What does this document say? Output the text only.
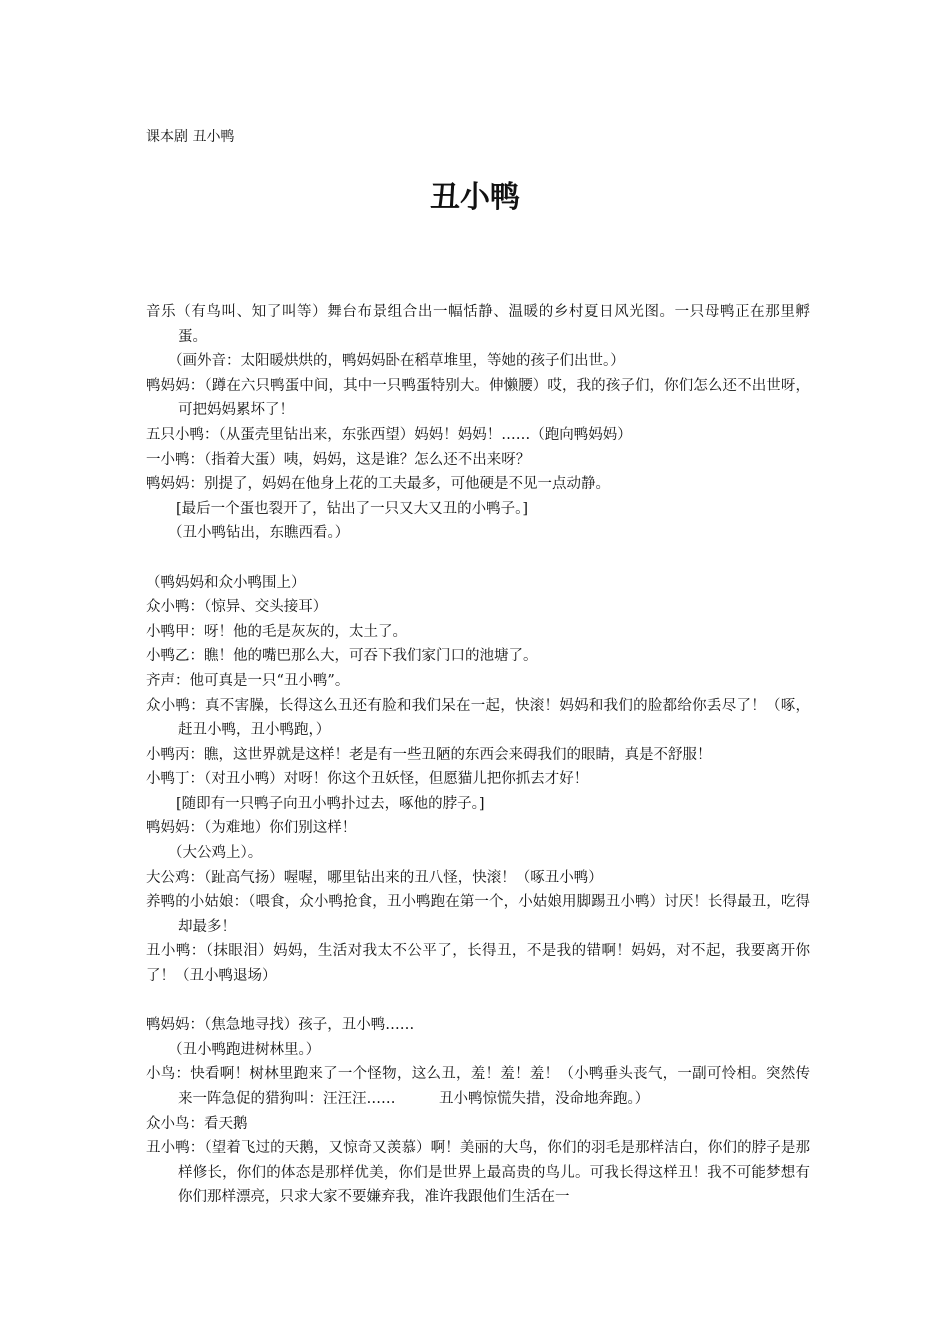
课本剧 丑小鸭
丑小鸭

音乐（有鸟叫、知了叫等）舞台布景组合出一幅恬静、温暖的乡村夏日风光图。一只母鸭正在那里孵蛋。

（画外音：太阳暖烘烘的，鸭妈妈卧在稻草堆里，等她的孩子们出世。）

鸭妈妈：（蹲在六只鸭蛋中间，其中一只鸭蛋特别大。伸懒腰）哎，我的孩子们，你们怎么还不出世呀，可把妈妈累坏了！

五只小鸭：（从蛋壳里钻出来，东张西望）妈妈！妈妈！……（跑向鸭妈妈）

一小鸭：（指着大蛋）咦，妈妈，这是谁？怎么还不出来呀？

鸭妈妈：别提了，妈妈在他身上花的工夫最多，可他硬是不见一点动静。

[最后一个蛋也裂开了，钻出了一只又大又丑的小鸭子。]

（丑小鸭钻出，东瞧西看。）

（鸭妈妈和众小鸭围上）

众小鸭：（惊异、交头接耳）

小鸭甲：呀！他的毛是灰灰的，太土了。

小鸭乙：瞧！他的嘴巴那么大，可吞下我们家门口的池塘了。

齐声：他可真是一只“丑小鸭”。

众小鸭：真不害臊，长得这么丑还有脸和我们呆在一起，快滚！妈妈和我们的脸都给你丢尽了！（啄，赶丑小鸭，丑小鸭跑，）

小鸭丙：瞧，这世界就是这样！老是有一些丑陋的东西会来碍我们的眼睛，真是不舒服！

小鸭丁：（对丑小鸭）对呀！你这个丑妖怪，但愿猫儿把你抓去才好！

[随即有一只鸭子向丑小鸭扑过去，啄他的脖子。]

鸭妈妈：（为难地）你们别这样！

（大公鸡上）。

大公鸡：（趾高气扬）喔喔，哪里钻出来的丑八怪，快滚！（啄丑小鸭）

养鸭的小姑娘：（喂食，众小鸭抢食，丑小鸭跑在第一个，小姑娘用脚踢丑小鸭）讨厌！长得最丑，吃得却最多！

丑小鸭：（抹眼泪）妈妈，生活对我太不公平了，长得丑，不是我的错啊！妈妈，对不起，我要离开你了！（丑小鸭退场）

鸭妈妈：（焦急地寻找）孩子，丑小鸭……

（丑小鸭跑进树林里。）

小鸟：快看啊！树林里跑来了一个怪物，这么丑，羞！羞！羞！（小鸭垂头丧气，一副可怜相。突然传来一阵急促的猎狗叫：汪汪汪……　　　丑小鸭惊慌失措，没命地奔跑。）

众小鸟：看天鹅

丑小鸭：（望着飞过的天鹅，又惊奇又羡慕）啊！美丽的大鸟，你们的羽毛是那样洁白，你们的脖子是那样修长，你们的体态是那样优美，你们是世界上最高贵的鸟儿。可我长得这样丑！我不可能梦想有你们那样漂亮，只求大家不要嫌弃我，准许我跟他们生活在一
